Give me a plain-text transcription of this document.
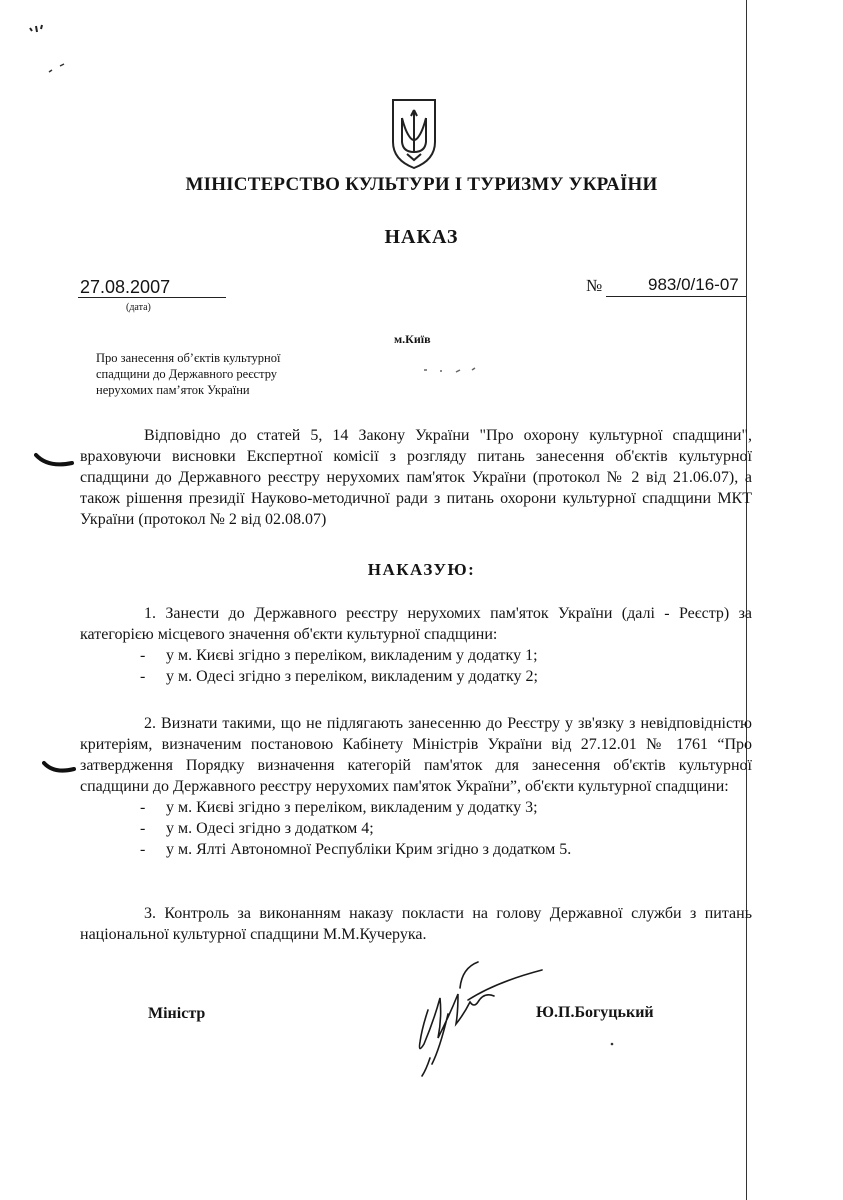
МІНІСТЕРСТВО КУЛЬТУРИ І ТУРИЗМУ УКРАЇНИ
НАКАЗ
27.08.2007
(дата)
№	983/0/16-07
м.Київ
Про занесення об’єктів культурної
спадщини до Державного реєстру
нерухомих пам’яток України

Відповідно до статей 5, 14 Закону України "Про охорону культурної спадщини", враховуючи висновки Експертної комісії з розгляду питань занесення об'єктів культурної спадщини до Державного реєстру нерухомих пам'яток України (протокол № 2 від 21.06.07), а також рішення президії Науково-методичної ради з питань охорони культурної спадщини МКТ України (протокол № 2 від 02.08.07)

НАКАЗУЮ:

1. Занести до Державного реєстру нерухомих пам'яток України (далі - Реєстр) за категорією місцевого значення об'єкти культурної спадщини:

- у м. Києві згідно з переліком, викладеним у додатку 1;
- у м. Одесі згідно з переліком, викладеним у додатку 2;

2. Визнати такими, що не підлягають занесенню до Реєстру у зв'язку з невідповідністю критеріям, визначеним постановою Кабінету Міністрів України від 27.12.01 № 1761 “Про затвердження Порядку визначення категорій пам'яток для занесення об'єктів культурної спадщини до Державного реєстру нерухомих пам'яток України”, об'єкти культурної спадщини:

- у м. Києві згідно з переліком, викладеним у додатку 3;
- у м. Одесі згідно з додатком 4;
- у м. Ялті Автономної Республіки Крим згідно з додатком 5.

3. Контроль за виконанням наказу покласти на голову Державної служби з питань національної культурної спадщини М.М.Кучерука.

Міністр	Ю.П.Богуцький
